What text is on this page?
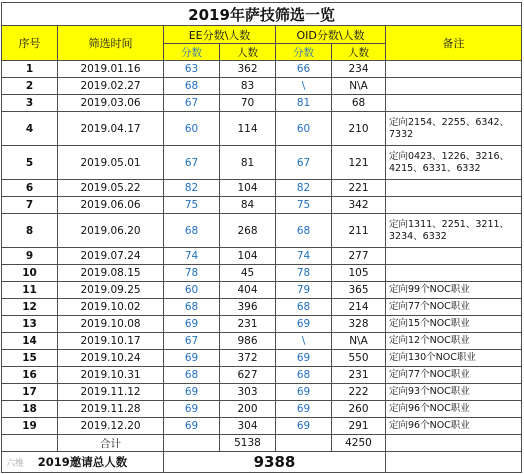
2019年萨技筛选一览						
序号	筛选时间	EE分数\人数		OID分数\人数		备注
		分数	人数	分数	人数	
1	2019.01.16	63	362	66	234	
2	2019.02.27	68	83	\	N\A	
3	2019.03.06	67	70	81	68	
4	2019.04.17	60	114	60	210	定向2154、2255、6342、7332
5	2019.05.01	67	81	67	121	定向0423、1226、3216、4215、6331、6332
6	2019.05.22	82	104	82	221	
7	2019.06.06	75	84	75	342	
8	2019.06.20	68	268	68	211	定向1311、2251、3211、3234、6332
9	2019.07.24	74	104	74	277	
10	2019.08.15	78	45	78	105	
11	2019.09.25	60	404	79	365	定向99个NOC职业
12	2019.10.02	68	396	68	214	定向77个NOC职业
13	2019.10.08	69	231	69	328	定向15个NOC职业
14	2019.10.17	67	986	\	N\A	定向12个NOC职业
15	2019.10.24	69	372	69	550	定向130个NOC职业
16	2019.10.31	68	627	68	231	定向77个NOC职业
17	2019.11.12	69	303	69	222	定向93个NOC职业
18	2019.11.28	69	200	69	260	定向96个NOC职业
19	2019.12.20	69	304	69	291	定向96个NOC职业
	合计		5138		4250	
2019邀请总人数		9388				
六维
